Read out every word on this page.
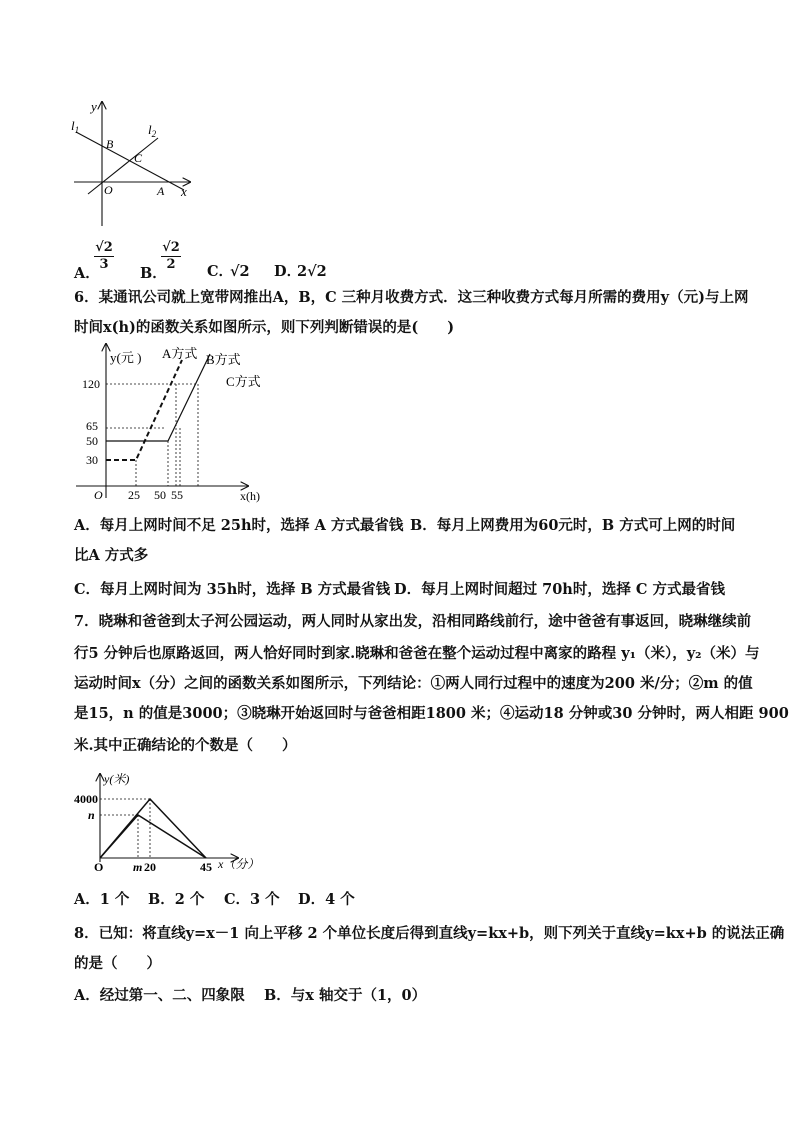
y
x
$l_1$	$l_2$
B
C
O	A
A．
$\frac{√2}{3}$
B．
$\frac{√2}{2}$ C．
√2 D．
2√2
6．某通讯公司就上宽带网推出A，B，C 三种月收费方式．这三种收费方式每月所需的费用y（元)与上网
时间x(h)的函数关系如图所示，则下列判断错误的是(　　)
y(元 ) A方式 B方式
C方式
120
65
50
30
O 25 50 55	x(h)
A．每月上网时间不足 25h时，选择 A 方式最省钱 B．每月上网费用为60元时，B 方式可上网的时间
比A 方式多
C．每月上网时间为 35h时，选择 B 方式最省钱 D．每月上网时间超过 70h时，选择 C 方式最省钱
7．晓琳和爸爸到太子河公园运动，两人同时从家出发，沿相同路线前行，途中爸爸有事返回，晓琳继续前
行5 分钟后也原路返回，两人恰好同时到家.晓琳和爸爸在整个运动过程中离家的路程 y₁（米），y₂（米）与
运动时间x（分）之间的函数关系如图所示，下列结论：①两人同行过程中的速度为200 米/分；②m 的值
是15，n 的值是3000；③晓琳开始返回时与爸爸相距1800 米；④运动18 分钟或30 分钟时，两人相距 900
米.其中正确结论的个数是（　　）
y(米)
4000
n
O m 20	45 x（分）
A．1 个 B．2 个 C．3 个 D．4 个
8．已知：将直线y=x－1 向上平移 2 个单位长度后得到直线y=kx+b，则下列关于直线y=kx+b 的说法正确
的是（　　）
A．经过第一、二、四象限 B．与x 轴交于（1，0）
